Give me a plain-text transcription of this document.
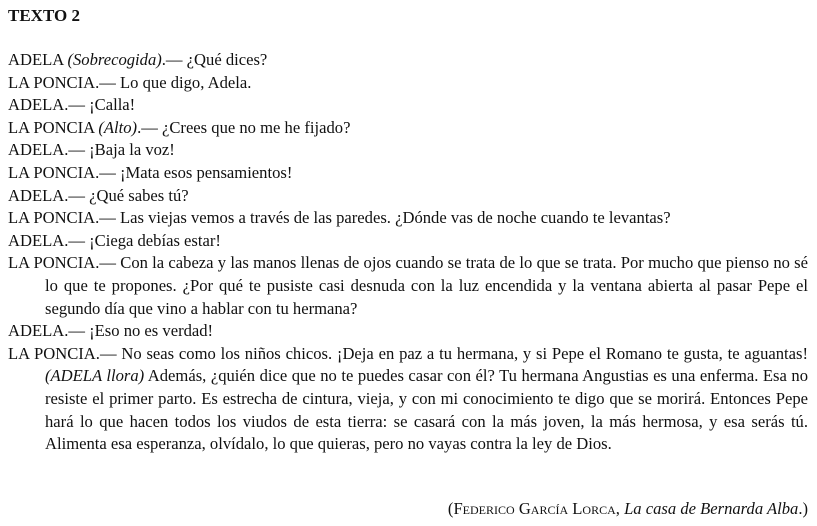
TEXTO 2

ADELA (Sobrecogida).— ¿Qué dices?

LA PONCIA.— Lo que digo, Adela.

ADELA.— ¡Calla!

LA PONCIA (Alto).— ¿Crees que no me he fijado?

ADELA.— ¡Baja la voz!

LA PONCIA.— ¡Mata esos pensamientos!

ADELA.— ¿Qué sabes tú?

LA PONCIA.— Las viejas vemos a través de las paredes. ¿Dónde vas de noche cuando te levantas?

ADELA.— ¡Ciega debías estar!

LA PONCIA.— Con la cabeza y las manos llenas de ojos cuando se trata de lo que se trata. Por mucho que pienso no sé lo que te propones. ¿Por qué te pusiste casi desnuda con la luz encendida y la ventana abierta al pasar Pepe el segundo día que vino a hablar con tu hermana?

ADELA.— ¡Eso no es verdad!

LA PONCIA.— No seas como los niños chicos. ¡Deja en paz a tu hermana, y si Pepe el Romano te gusta, te aguantas! (ADELA llora) Además, ¿quién dice que no te puedes casar con él? Tu hermana Angustias es una enferma. Esa no resiste el primer parto. Es estrecha de cintura, vieja, y con mi conocimiento te digo que se morirá. Entonces Pepe hará lo que hacen todos los viudos de esta tierra: se casará con la más joven, la más hermosa, y esa serás tú. Alimenta esa esperanza, olvídalo, lo que quieras, pero no vayas contra la ley de Dios.

(Federico García Lorca, La casa de Bernarda Alba.)
